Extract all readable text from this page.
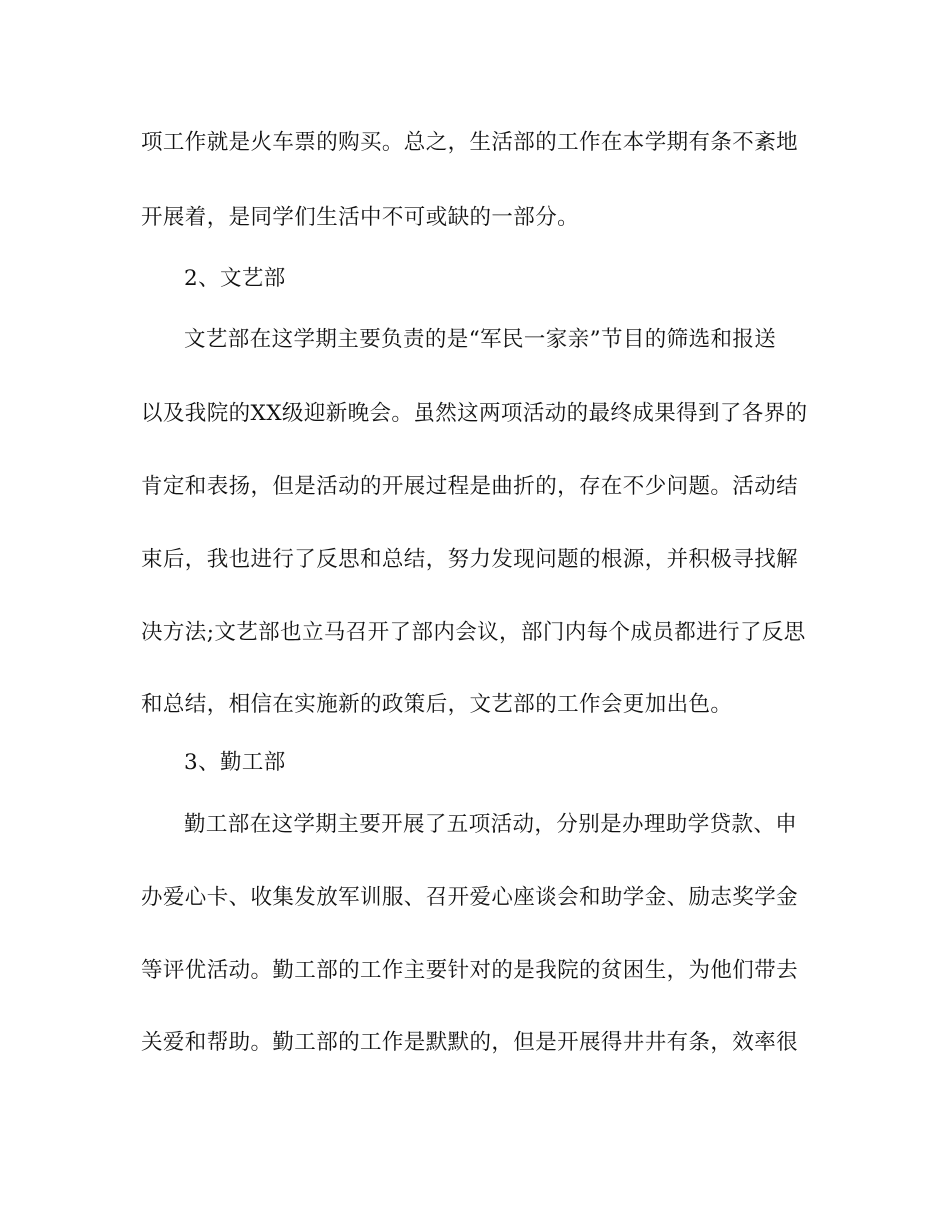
项工作就是火车票的购买。总之，生活部的工作在本学期有条不紊地
开展着，是同学们生活中不可或缺的一部分。
2、文艺部
文艺部在这学期主要负责的是“军民一家亲”节目的筛选和报送
以及我院的XX级迎新晚会。虽然这两项活动的最终成果得到了各界的
肯定和表扬，但是活动的开展过程是曲折的，存在不少问题。活动结
束后，我也进行了反思和总结，努力发现问题的根源，并积极寻找解
决方法;文艺部也立马召开了部内会议，部门内每个成员都进行了反思
和总结，相信在实施新的政策后，文艺部的工作会更加出色。
3、勤工部
勤工部在这学期主要开展了五项活动，分别是办理助学贷款、申
办爱心卡、收集发放军训服、召开爱心座谈会和助学金、励志奖学金
等评优活动。勤工部的工作主要针对的是我院的贫困生，为他们带去
关爱和帮助。勤工部的工作是默默的，但是开展得井井有条，效率很
